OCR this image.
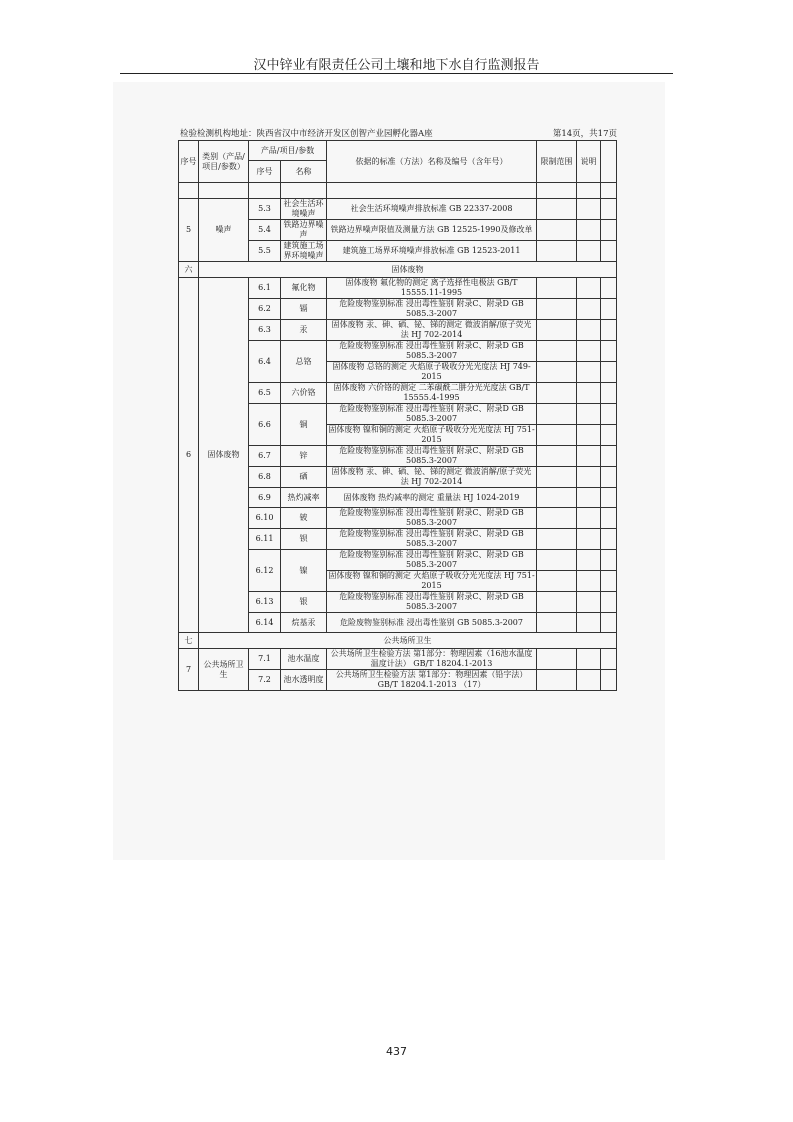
汉中锌业有限责任公司土壤和地下水自行监测报告
检验检测机构地址：陕西省汉中市经济开发区创智产业园孵化器A座	第14页，共17页
序号	类别（产品/项目/参数）	产品/项目/参数		依据的标准（方法）名称及编号（含年号）	限制范围	说明	
		序号	名称				

5	噪声	5.3	社会生活环境噪声	社会生活环境噪声排放标准 GB 22337-2008			
		5.4	铁路边界噪声	铁路边界噪声限值及测量方法 GB 12525-1990及修改单			
		5.5	建筑施工场界环境噪声	建筑施工场界环境噪声排放标准 GB 12523-2011			
六	固体废物						
6	固体废物	6.1	氟化物	固体废物 氟化物的测定 离子选择性电极法 GB/T 15555.11-1995			
		6.2	镉	危险废物鉴别标准 浸出毒性鉴别 附录C、附录D GB 5085.3-2007			
		6.3	汞	固体废物 汞、砷、硒、铋、锑的测定 微波消解/原子荧光法 HJ 702-2014			
		6.4	总铬	危险废物鉴别标准 浸出毒性鉴别 附录C、附录D GB 5085.3-2007			
				固体废物 总铬的测定 火焰原子吸收分光光度法 HJ 749-2015			
		6.5	六价铬	固体废物 六价铬的测定 二苯碳酰二肼分光光度法 GB/T 15555.4-1995			
		6.6	铜	危险废物鉴别标准 浸出毒性鉴别 附录C、附录D GB 5085.3-2007			
				固体废物 镍和铜的测定 火焰原子吸收分光光度法 HJ 751-2015			
		6.7	锌	危险废物鉴别标准 浸出毒性鉴别 附录C、附录D GB 5085.3-2007			
		6.8	硒	固体废物 汞、砷、硒、铋、锑的测定 微波消解/原子荧光法 HJ 702-2014			
		6.9	热灼减率	固体废物 热灼减率的测定 重量法 HJ 1024-2019			
		6.10	铍	危险废物鉴别标准 浸出毒性鉴别 附录C、附录D GB 5085.3-2007			
		6.11	钡	危险废物鉴别标准 浸出毒性鉴别 附录C、附录D GB 5085.3-2007			
		6.12	镍	危险废物鉴别标准 浸出毒性鉴别 附录C、附录D GB 5085.3-2007			
				固体废物 镍和铜的测定 火焰原子吸收分光光度法 HJ 751-2015			
		6.13	银	危险废物鉴别标准 浸出毒性鉴别 附录C、附录D GB 5085.3-2007			
		6.14	烷基汞	危险废物鉴别标准 浸出毒性鉴别 GB 5085.3-2007			
七	公共场所卫生						
7	公共场所卫生	7.1	池水温度	公共场所卫生检验方法 第1部分：物理因素（16池水温度 温度计法） GB/T 18204.1-2013			
		7.2	池水透明度	公共场所卫生检验方法 第1部分：物理因素（铅字法） GB/T 18204.1-2013 （17）			
437
